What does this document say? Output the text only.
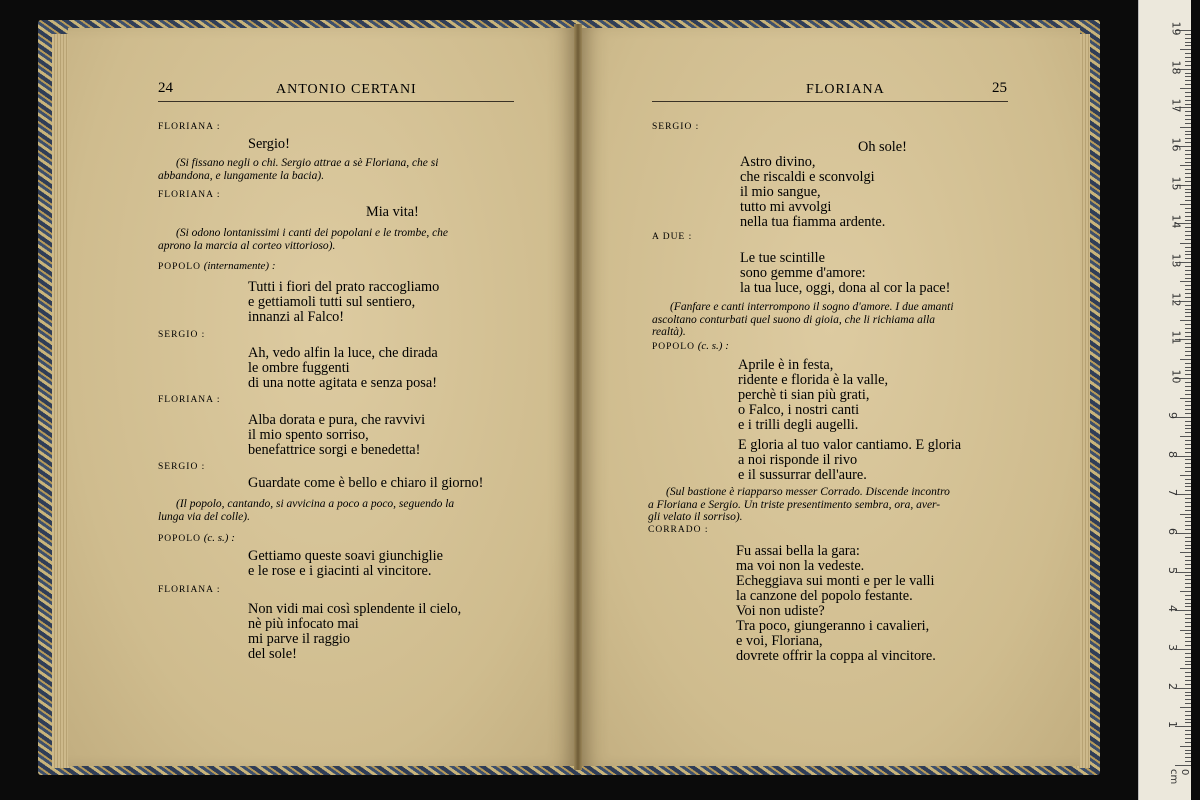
24	ANTONIO CERTANI
FLORIANA :
Sergio!
(Si fissano negli o chi. Sergio attrae a sè Floriana, che si
abbandona, e lungamente la bacia).
FLORIANA :
Mia vita!
(Si odono lontanissimi i canti dei popolani e le trombe, che
aprono la marcia al corteo vittorioso).
POPOLO (internamente) :
Tutti i fiori del prato raccogliamo
e gettiamoli tutti sul sentiero,
innanzi al Falco!
SERGIO :
Ah, vedo alfin la luce, che dirada
le ombre fuggenti
di una notte agitata e senza posa!
FLORIANA :
Alba dorata e pura, che ravvivi
il mio spento sorriso,
benefattrice sorgi e benedetta!
SERGIO :
Guardate come è bello e chiaro il giorno!
(Il popolo, cantando, si avvicina a poco a poco, seguendo la
lunga via del colle).
POPOLO (c. s.) :
Gettiamo queste soavi giunchiglie
e le rose e i giacinti al vincitore.
FLORIANA :
Non vidi mai così splendente il cielo,
nè più infocato mai
mi parve il raggio
del sole!
FLORIANA	25
SERGIO :
Oh sole!
Astro divino,
che riscaldi e sconvolgi
il mio sangue,
tutto mi avvolgi
nella tua fiamma ardente.
A DUE :
Le tue scintille
sono gemme d'amore:
la tua luce, oggi, dona al cor la pace!
(Fanfare e canti interrompono il sogno d'amore. I due amanti
ascoltano conturbati quel suono di gioia, che li richiama alla
realtà).
POPOLO (c. s.) :
Aprile è in festa,
ridente e florida è la valle,
perchè ti sian più grati,
o Falco, i nostri canti
e i trilli degli augelli.
E gloria al tuo valor cantiamo. E gloria
a noi risponde il rivo
e il sussurrar dell'aure.
(Sul bastione è riapparso messer Corrado. Discende incontro
a Floriana e Sergio. Un triste presentimento sembra, ora, aver-
gli velato il sorriso).
CORRADO :
Fu assai bella la gara:
ma voi non la vedeste.
Echeggiava sui monti e per le valli
la canzone del popolo festante.
Voi non udiste?
Tra poco, giungeranno i cavalieri,
e voi, Floriana,
dovrete offrir la coppa al vincitore.
0 cm
19
18
17
16
15
14
13
12
11
10
9
8
7
6
5
4
3
2
1
